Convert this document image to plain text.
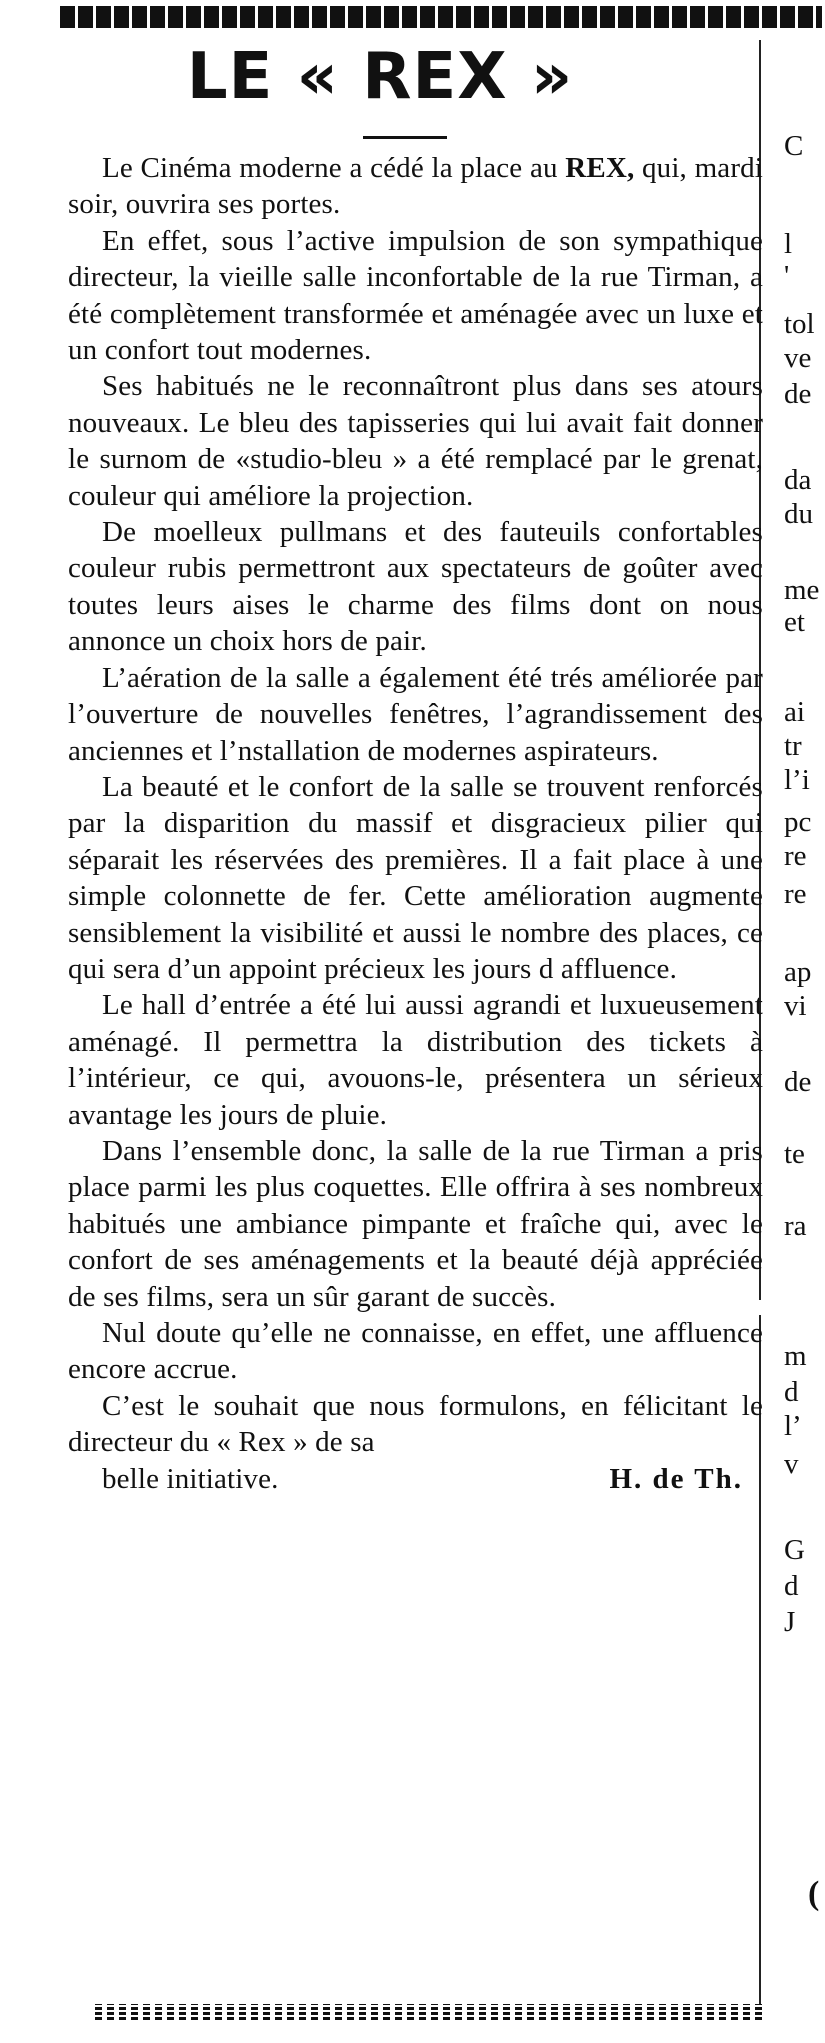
LE « REX »

Le Cinéma moderne a cédé la place au REX, qui, mardi soir, ouvrira ses portes.

En effet, sous l’active impulsion de son sympathique directeur, la vieille salle inconfortable de la rue Tirman, a été complètement transformée et aménagée avec un luxe et un confort tout modernes.

Ses habitués ne le reconnaîtront plus dans ses atours nouveaux. Le bleu des tapisseries qui lui avait fait donner le surnom de «studio-bleu » a été remplacé par le grenat, couleur qui améliore la projection.

De moelleux pullmans et des fauteuils confortables couleur rubis permettront aux spectateurs de goûter avec toutes leurs aises le charme des films dont on nous annonce un choix hors de pair.

L’aération de la salle a également été trés améliorée par l’ouverture de nouvelles fenêtres, l’agrandissement des anciennes et l’nstallation de modernes aspirateurs.

La beauté et le confort de la salle se trouvent renforcés par la disparition du massif et disgracieux pilier qui séparait les réservées des premières. Il a fait place à une simple colonnette de fer. Cette amélioration augmente sensiblement la visibilité et aussi le nombre des places, ce qui sera d’un appoint précieux les jours d affluence.

Le hall d’entrée a été lui aussi agrandi et luxueusement aménagé. Il permettra la distribution des tickets à l’intérieur, ce qui, avouons-le, présentera un sérieux avantage les jours de pluie.

Dans l’ensemble donc, la salle de la rue Tirman a pris place parmi les plus coquettes. Elle offrira à ses nombreux habitués une ambiance pimpante et fraîche qui, avec le confort de ses aménagements et la beauté déjà appréciée de ses films, sera un sûr garant de succès.

Nul doute qu’elle ne connaisse, en effet, une affluence encore accrue.

C’est le souhait que nous formulons, en félicitant le directeur du « Rex » de sa

belle initiative.	H. de Th.

C
l
'
tol
ve
de
da
du
me
et
ai
tr
l’i
pc
re
re
ap
vi
de
te
ra
m
d
l’
v
G
d
J
(
